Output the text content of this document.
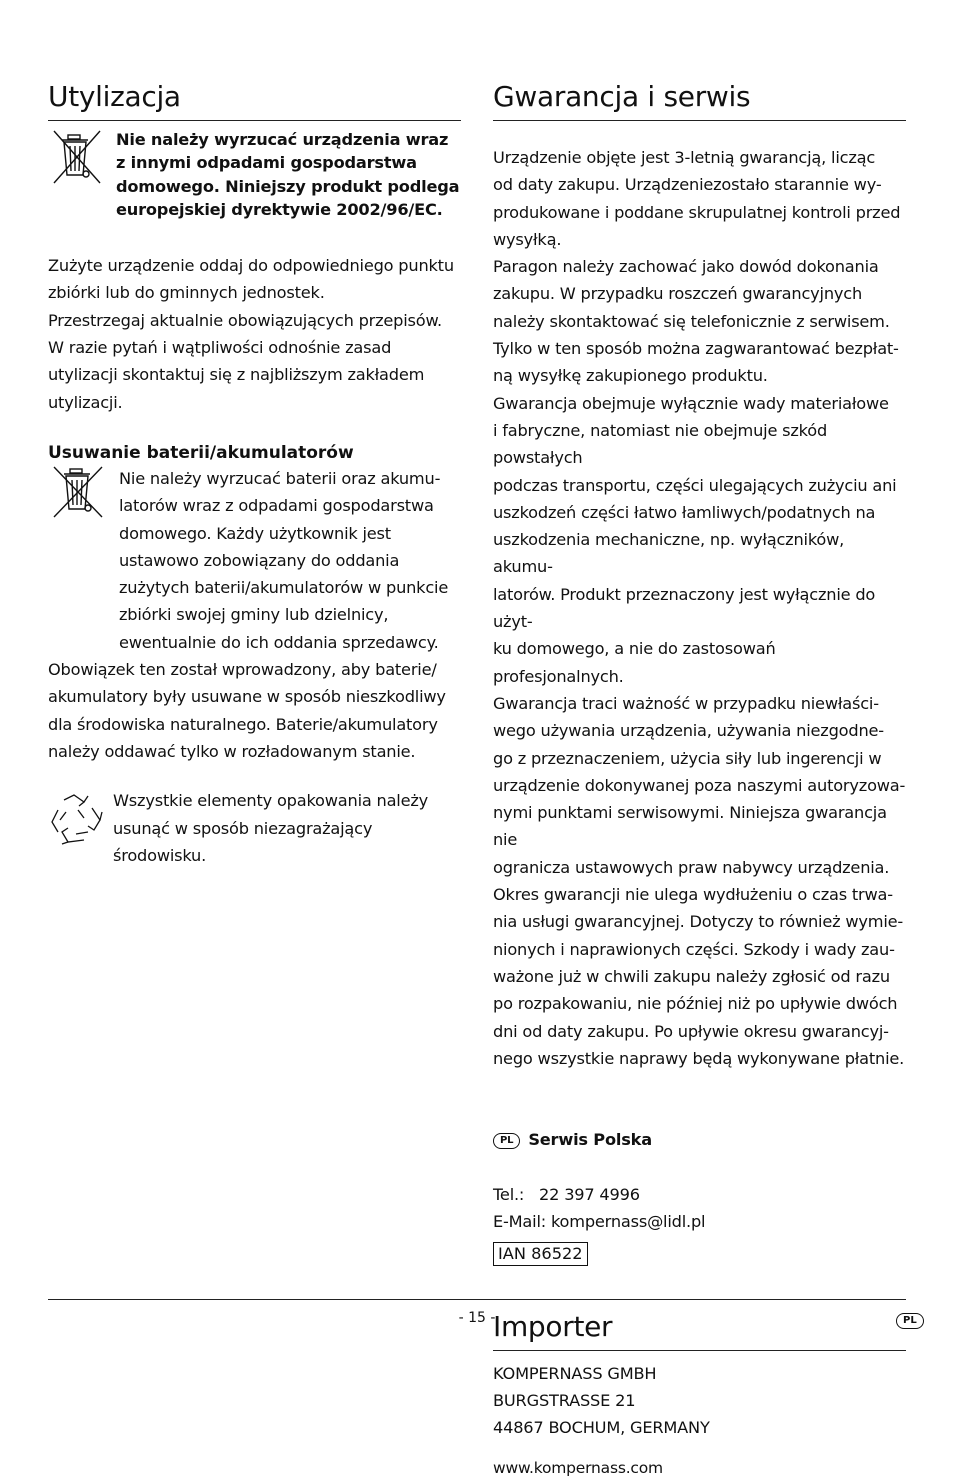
Utylizacja

Nie należy wyrzucać urządzenia wraz
z innymi odpadami gospodarstwa
domowego. Niniejszy produkt podlega
europejskiej dyrektywie 2002/96/EC.

Zużyte urządzenie oddaj do odpowiedniego punktu
zbiórki lub do gminnych jednostek.
Przestrzegaj aktualnie obowiązujących przepisów.
W razie pytań i wątpliwości odnośnie zasad
utylizacji skontaktuj się z najbliższym zakładem
utylizacji.

Usuwanie baterii/akumulatorów

Nie należy wyrzucać baterii oraz akumu-
latorów wraz z odpadami gospodarstwa
domowego. Każdy użytkownik jest
ustawowo zobowiązany do oddania
zużytych baterii/akumulatorów w punkcie
zbiórki swojej gminy lub dzielnicy,
ewentualnie do ich oddania sprzedawcy.

Obowiązek ten został wprowadzony, aby baterie/
akumulatory były usuwane w sposób nieszkodliwy
dla środowiska naturalnego. Baterie/akumulatory
należy oddawać tylko w rozładowanym stanie.

Wszystkie elementy opakowania należy
usunąć w sposób niezagrażający środowisku.

Gwarancja i serwis

Urządzenie objęte jest 3-letnią gwarancją, licząc
od daty zakupu. Urządzeniezostało starannie wy-
produkowane i poddane skrupulatnej kontroli przed
wysyłką.
Paragon należy zachować jako dowód dokonania
zakupu. W przypadku roszczeń gwarancyjnych
należy skontaktować się telefonicznie z serwisem.
Tylko w ten sposób można zagwarantować bezpłat-
ną wysyłkę zakupionego produktu.
Gwarancja obejmuje wyłącznie wady materiałowe
i fabryczne, natomiast nie obejmuje szkód powstałych
podczas transportu, części ulegających zużyciu ani
uszkodzeń części łatwo łamliwych/podatnych na
uszkodzenia mechaniczne, np. wyłączników, akumu-
latorów. Produkt przeznaczony jest wyłącznie do użyt-
ku domowego, a nie do zastosowań profesjonalnych.
Gwarancja traci ważność w przypadku niewłaści-
wego używania urządzenia, używania niezgodne-
go z przeznaczeniem, użycia siły lub ingerencji w
urządzenie dokonywanej poza naszymi autoryzowa-
nymi punktami serwisowymi. Niniejsza gwarancja nie
ogranicza ustawowych praw nabywcy urządzenia.
Okres gwarancji nie ulega wydłużeniu o czas trwa-
nia usługi gwarancyjnej. Dotyczy to również wymie-
nionych i naprawionych części. Szkody i wady zau-
ważone już w chwili zakupu należy zgłosić od razu
po rozpakowaniu, nie później niż po upływie dwóch
dni od daty zakupu. Po upływie okresu gwarancyj-
nego wszystkie naprawy będą wykonywane płatnie.

PL Serwis Polska

Tel.: 22 397 4996

E-Mail: kompernass@lidl.pl

IAN 86522
Importer

KOMPERNASS GMBH
BURGSTRASSE 21
44867 BOCHUM, GERMANY

www.kompernass.com

- 15 -	PL
